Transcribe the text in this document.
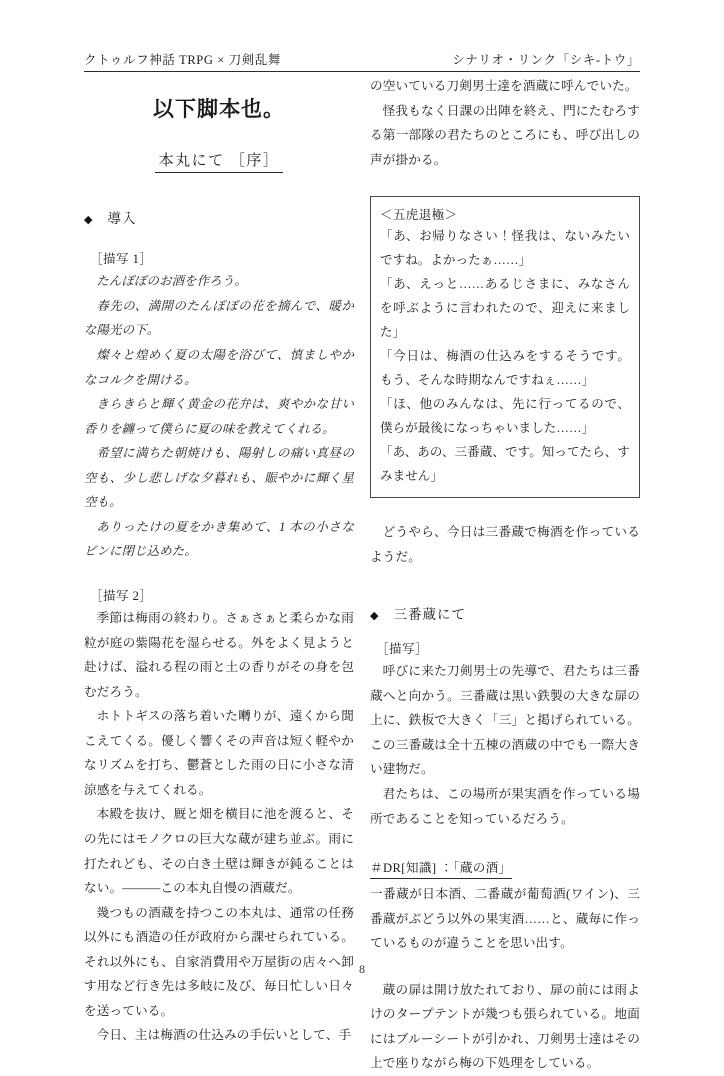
クトゥルフ神話 TRPG × 刀剣乱舞	シナリオ・リンク「シキ-トウ」
以下脚本也。
本丸にて ［序］
◆ 導入
［描写 1］

たんぽぽのお酒を作ろう。

春先の、満開のたんぽぽの花を摘んで、暖かな陽光の下。

燦々と煌めく夏の太陽を浴びて、慎ましやかなコルクを開ける。

きらきらと輝く黄金の花弁は、爽やかな甘い香りを纏って僕らに夏の味を教えてくれる。

希望に満ちた朝焼けも、陽射しの痛い真昼の空も、少し悲しげな夕暮れも、賑やかに輝く星空も。

ありったけの夏をかき集めて、1 本の小さなビンに閉じ込めた。

［描写 2］

季節は梅雨の終わり。さぁさぁと柔らかな雨粒が庭の紫陽花を湿らせる。外をよく見ようと赴けば、溢れる程の雨と土の香りがその身を包むだろう。

ホトトギスの落ち着いた囀りが、遠くから聞こえてくる。優しく響くその声音は短く軽やかなリズムを打ち、鬱蒼とした雨の日に小さな清涼感を与えてくれる。

本殿を抜け、厩と畑を横目に池を渡ると、その先にはモノクロの巨大な蔵が建ち並ぶ。雨に打たれども、その白き土壁は輝きが鈍ることはない。———この本丸自慢の酒蔵だ。

幾つもの酒蔵を持つこの本丸は、通常の任務以外にも酒造の任が政府から課せられている。それ以外にも、自家消費用や万屋街の店々へ卸す用など行き先は多岐に及び、毎日忙しい日々を送っている。

今日、主は梅酒の仕込みの手伝いとして、手

の空いている刀剣男士達を酒蔵に呼んでいた。

怪我もなく日課の出陣を終え、門にたむろする第一部隊の君たちのところにも、呼び出しの声が掛かる。

＜五虎退極＞

「あ、お帰りなさい！怪我は、ないみたいですね。よかったぁ……」

「あ、えっと……あるじさまに、みなさんを呼ぶように言われたので、迎えに来ました」

「今日は、梅酒の仕込みをするそうです。もう、そんな時期なんですねぇ……」

「ほ、他のみんなは、先に行ってるので、僕らが最後になっちゃいました……」

「あ、あの、三番蔵、です。知ってたら、すみません」

どうやら、今日は三番蔵で梅酒を作っているようだ。

◆ 三番蔵にて
［描写］

呼びに来た刀剣男士の先導で、君たちは三番蔵へと向かう。三番蔵は黒い鉄製の大きな扉の上に、鉄板で大きく「三」と掲げられている。この三番蔵は全十五棟の酒蔵の中でも一際大きい建物だ。

君たちは、この場所が果実酒を作っている場所であることを知っているだろう。

＃DR[知識] ：「蔵の酒」

一番蔵が日本酒、二番蔵が葡萄酒(ワイン)、三番蔵がぶどう以外の果実酒……と、蔵毎に作っているものが違うことを思い出す。

蔵の扉は開け放たれており、扉の前には雨よけのタープテントが幾つも張られている。地面にはブルーシートが引かれ、刀剣男士達はその上で座りながら梅の下処理をしている。

8
